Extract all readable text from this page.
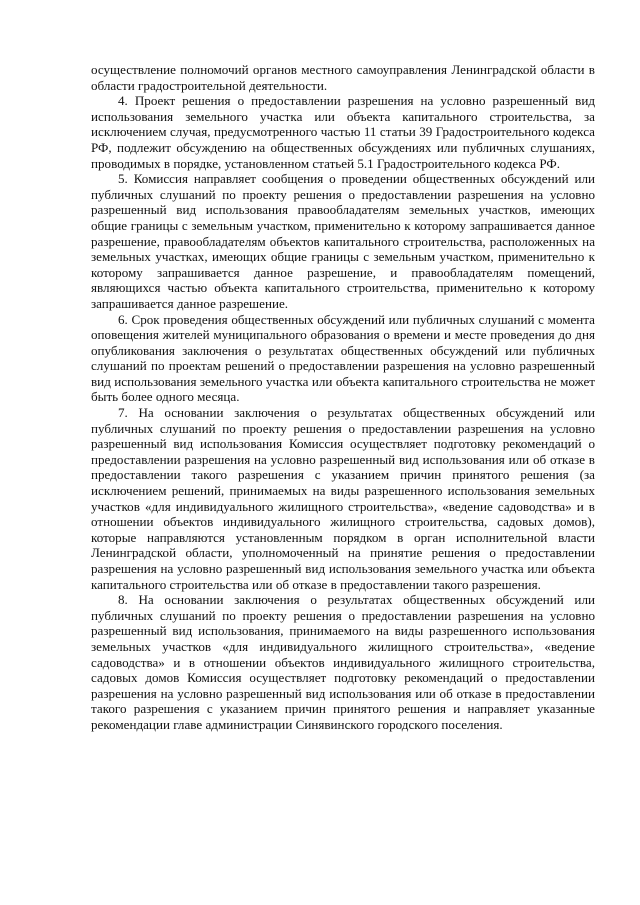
осуществление полномочий органов местного самоуправления Ленинградской области в области градостроительной деятельности.

4. Проект решения о предоставлении разрешения на условно разрешенный вид использования земельного участка или объекта капитального строительства, за исключением случая, предусмотренного частью 11 статьи 39 Градостроительного кодекса РФ, подлежит обсуждению на общественных обсуждениях или публичных слушаниях, проводимых в порядке, установленном статьей 5.1 Градостроительного кодекса РФ.

5. Комиссия направляет сообщения о проведении общественных обсуждений или публичных слушаний по проекту решения о предоставлении разрешения на условно разрешенный вид использования правообладателям земельных участков, имеющих общие границы с земельным участком, применительно к которому запрашивается данное разрешение, правообладателям объектов капитального строительства, расположенных на земельных участках, имеющих общие границы с земельным участком, применительно к которому запрашивается данное разрешение, и правообладателям помещений, являющихся частью объекта капитального строительства, применительно к которому запрашивается данное разрешение.

6. Срок проведения общественных обсуждений или публичных слушаний с момента оповещения жителей муниципального образования о времени и месте проведения до дня опубликования заключения о результатах общественных обсуждений или публичных слушаний по проектам решений о предоставлении разрешения на условно разрешенный вид использования земельного участка или объекта капитального строительства не может быть более одного месяца.

7. На основании заключения о результатах общественных обсуждений или публичных слушаний по проекту решения о предоставлении разрешения на условно разрешенный вид использования Комиссия осуществляет подготовку рекомендаций о предоставлении разрешения на условно разрешенный вид использования или об отказе в предоставлении такого разрешения с указанием причин принятого решения (за исключением решений, принимаемых на виды разрешенного использования земельных участков «для индивидуального жилищного строительства», «ведение садоводства» и в отношении объектов индивидуального жилищного строительства, садовых домов), которые направляются установленным порядком в орган исполнительной власти Ленинградской области, уполномоченный на принятие решения о предоставлении разрешения на условно разрешенный вид использования земельного участка или объекта капитального строительства или об отказе в предоставлении такого разрешения.

8. На основании заключения о результатах общественных обсуждений или публичных слушаний по проекту решения о предоставлении разрешения на условно разрешенный вид использования, принимаемого на виды разрешенного использования земельных участков «для индивидуального жилищного строительства», «ведение садоводства» и в отношении объектов индивидуального жилищного строительства, садовых домов Комиссия осуществляет подготовку рекомендаций о предоставлении разрешения на условно разрешенный вид использования или об отказе в предоставлении такого разрешения с указанием причин принятого решения и направляет указанные рекомендации главе администрации Синявинского городского поселения.
